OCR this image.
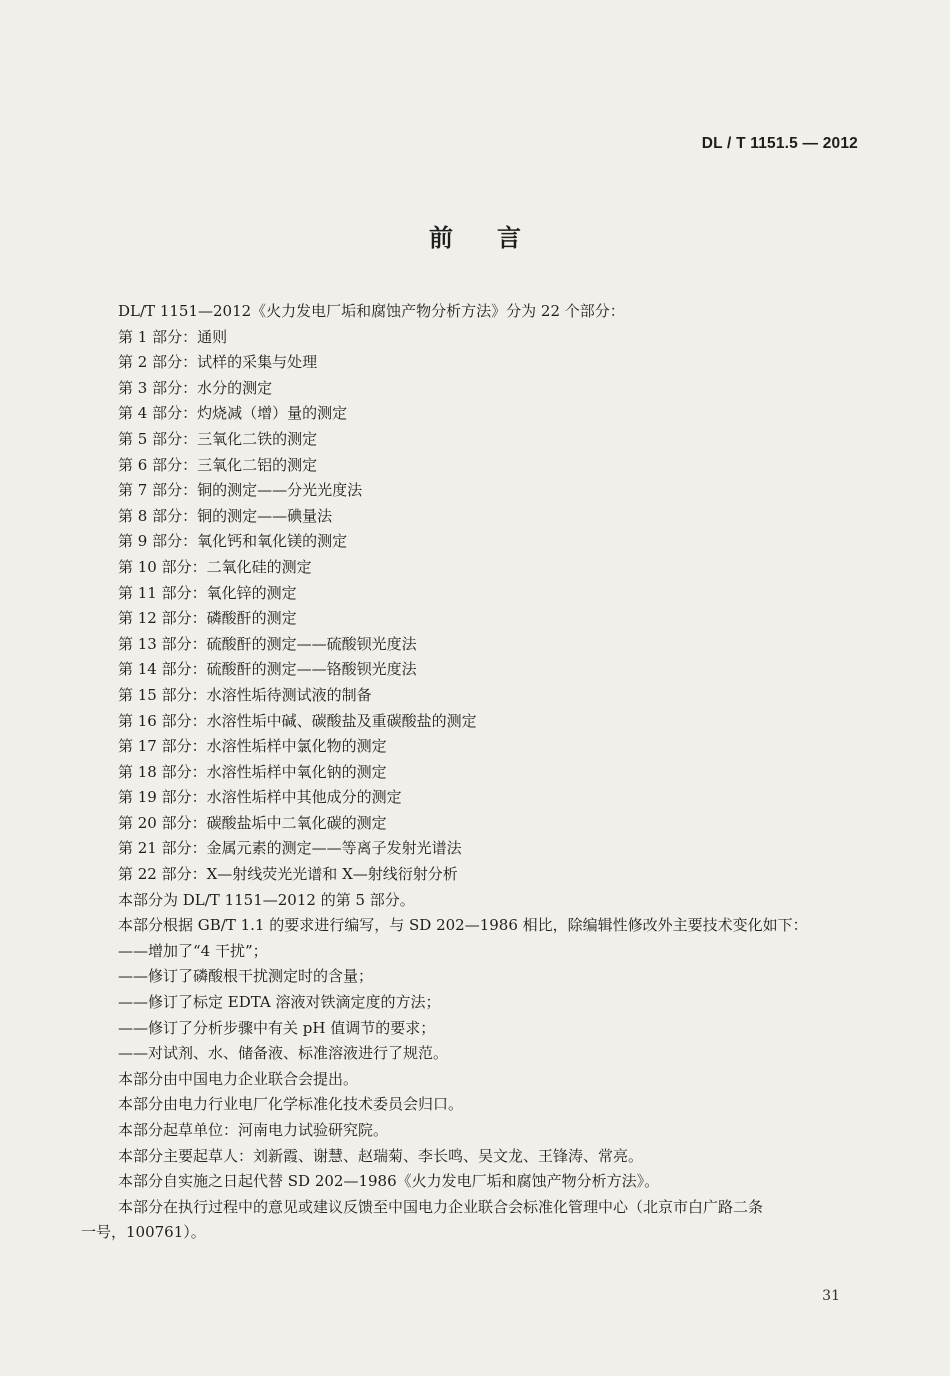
DL / T 1151.5 — 2012
前言

DL/T 1151—2012《火力发电厂垢和腐蚀产物分析方法》分为 22 个部分：

第 1 部分：通则
第 2 部分：试样的采集与处理
第 3 部分：水分的测定
第 4 部分：灼烧减（增）量的测定
第 5 部分：三氧化二铁的测定
第 6 部分：三氧化二铝的测定
第 7 部分：铜的测定——分光光度法
第 8 部分：铜的测定——碘量法
第 9 部分：氧化钙和氧化镁的测定
第 10 部分：二氧化硅的测定
第 11 部分：氧化锌的测定
第 12 部分：磷酸酐的测定
第 13 部分：硫酸酐的测定——硫酸钡光度法
第 14 部分：硫酸酐的测定——铬酸钡光度法
第 15 部分：水溶性垢待测试液的制备
第 16 部分：水溶性垢中碱、碳酸盐及重碳酸盐的测定
第 17 部分：水溶性垢样中氯化物的测定
第 18 部分：水溶性垢样中氧化钠的测定
第 19 部分：水溶性垢样中其他成分的测定
第 20 部分：碳酸盐垢中二氧化碳的测定
第 21 部分：金属元素的测定——等离子发射光谱法
第 22 部分：X—射线荧光光谱和 X—射线衍射分析

本部分为 DL/T 1151—2012 的第 5 部分。

本部分根据 GB/T 1.1 的要求进行编写，与 SD 202—1986 相比，除编辑性修改外主要技术变化如下：

——增加了“4 干扰”；
——修订了磷酸根干扰测定时的含量；
——修订了标定 EDTA 溶液对铁滴定度的方法；
——修订了分析步骤中有关 pH 值调节的要求；
——对试剂、水、储备液、标准溶液进行了规范。

本部分由中国电力企业联合会提出。

本部分由电力行业电厂化学标准化技术委员会归口。

本部分起草单位：河南电力试验研究院。

本部分主要起草人：刘新霞、谢慧、赵瑞菊、李长鸣、吴文龙、王锋涛、常亮。

本部分自实施之日起代替 SD 202—1986《火力发电厂垢和腐蚀产物分析方法》。

本部分在执行过程中的意见或建议反馈至中国电力企业联合会标准化管理中心（北京市白广路二条

一号，100761）。

31
